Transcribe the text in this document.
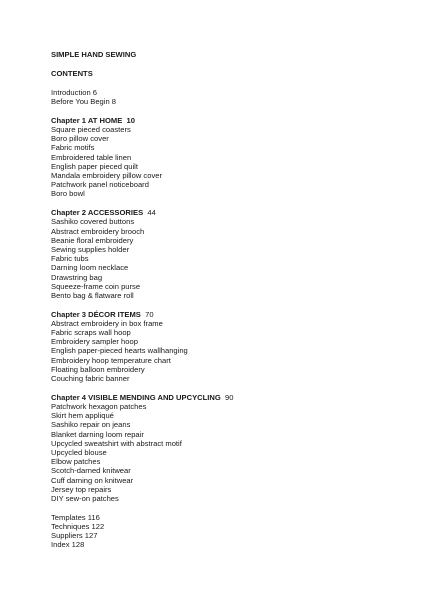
SIMPLE HAND SEWING
CONTENTS
Introduction 6
Before You Begin 8
Chapter 1 AT HOME 10
Square pieced coasters
Boro pillow cover
Fabric motifs
Embroidered table linen
English paper pieced quilt
Mandala embroidery pillow cover
Patchwork panel noticeboard
Boro bowl
Chapter 2 ACCESSORIES 44
Sashiko covered buttons
Abstract embroidery brooch
Beanie floral embroidery
Sewing supplies holder
Fabric tubs
Darning loom necklace
Drawstring bag
Squeeze-frame coin purse
Bento bag & flatware roll
Chapter 3 DÉCOR ITEMS 70
Abstract embroidery in box frame
Fabric scraps wall hoop
Embroidery sampler hoop
English paper-pieced hearts wallhanging
Embroidery hoop temperature chart
Floating balloon embroidery
Couching fabric banner
Chapter 4 VISIBLE MENDING AND UPCYCLING 90
Patchwork hexagon patches
Skirt hem appliqué
Sashiko repair on jeans
Blanket darning loom repair
Upcycled sweatshirt with abstract motif
Upcycled blouse
Elbow patches
Scotch-darned knitwear
Cuff darning on knitwear
Jersey top repairs
DIY sew-on patches
Templates 116
Techniques 122
Suppliers 127
Index 128
